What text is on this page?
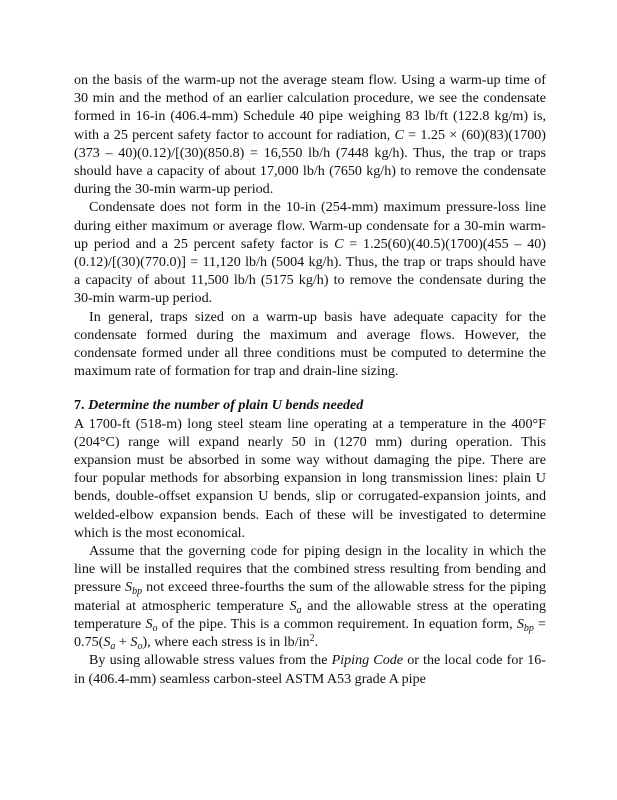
on the basis of the warm-up not the average steam flow. Using a warm-up time of 30 min and the method of an earlier calculation procedure, we see the condensate formed in 16-in (406.4-mm) Schedule 40 pipe weighing 83 lb/ft (122.8 kg/m) is, with a 25 percent safety factor to account for radiation, C = 1.25 × (60)(83)(1700)(373 – 40)(0.12)/[(30)(850.8) = 16,550 lb/h (7448 kg/h). Thus, the trap or traps should have a capacity of about 17,000 lb/h (7650 kg/h) to remove the condensate during the 30-min warm-up period.

Condensate does not form in the 10-in (254-mm) maximum pressure-loss line during either maximum or average flow. Warm-up condensate for a 30-min warm-up period and a 25 percent safety factor is C = 1.25(60)(40.5)(1700)(455 – 40)(0.12)/[(30)(770.0)] = 11,120 lb/h (5004 kg/h). Thus, the trap or traps should have a capacity of about 11,500 lb/h (5175 kg/h) to remove the condensate during the 30-min warm-up period.

In general, traps sized on a warm-up basis have adequate capacity for the condensate formed during the maximum and average flows. However, the condensate formed under all three conditions must be computed to determine the maximum rate of formation for trap and drain-line sizing.

7. Determine the number of plain U bends needed

A 1700-ft (518-m) long steel steam line operating at a temperature in the 400°F (204°C) range will expand nearly 50 in (1270 mm) during operation. This expansion must be absorbed in some way without damaging the pipe. There are four popular methods for absorbing expansion in long transmission lines: plain U bends, double-offset expansion U bends, slip or corrugated-expansion joints, and welded-elbow expansion bends. Each of these will be investigated to determine which is the most economical.

Assume that the governing code for piping design in the locality in which the line will be installed requires that the combined stress resulting from bending and pressure $S_{bp}$ not exceed three-fourths the sum of the allowable stress for the piping material at atmospheric temperature $S_a$ and the allowable stress at the operating temperature $S_o$ of the pipe. This is a common requirement. In equation form, $S_{bp} = 0.75(S_a + S_o)$, where each stress is in $lb/in^2$.

By using allowable stress values from the Piping Code or the local code for 16-in (406.4-mm) seamless carbon-steel ASTM A53 grade A pipe
